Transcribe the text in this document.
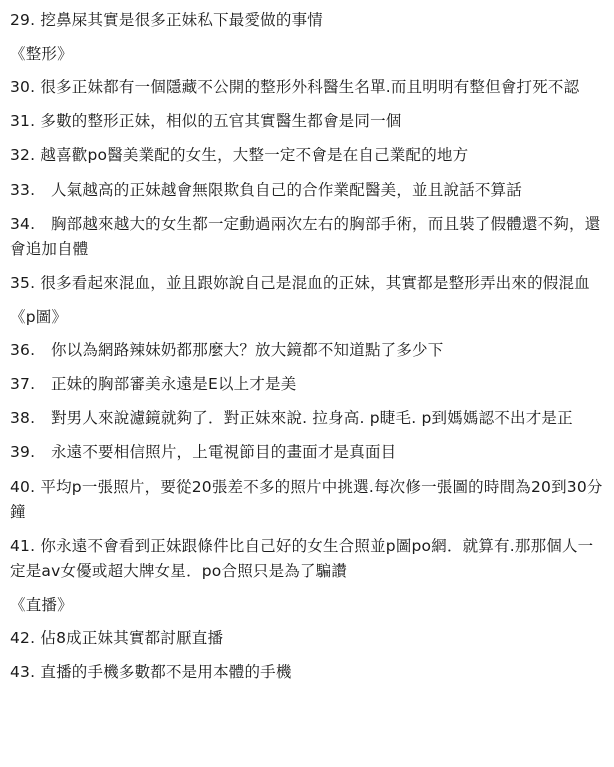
29. 挖鼻屎其實是很多正妹私下最愛做的事情

《整形》

30. 很多正妹都有一個隱藏不公開的整形外科醫生名單.而且明明有整但會打死不認

31. 多數的整形正妹，相似的五官其實醫生都會是同一個

32. 越喜歡po醫美業配的女生，大整一定不會是在自己業配的地方

33.　人氣越高的正妹越會無限欺負自己的合作業配醫美，並且說話不算話

34.　胸部越來越大的女生都一定動過兩次左右的胸部手術，而且裝了假體還不夠，還會追加自體

35. 很多看起來混血，並且跟妳說自己是混血的正妹，其實都是整形弄出來的假混血

《p圖》

36.　你以為網路辣妹奶都那麼大？放大鏡都不知道點了多少下

37.　正妹的胸部審美永遠是E以上才是美

38.　對男人來說濾鏡就夠了．對正妹來說. 拉身高. p睫毛. p到媽媽認不出才是正

39.　永遠不要相信照片，上電視節目的畫面才是真面目

40. 平均p一張照片，要從20張差不多的照片中挑選.每次修一張圖的時間為20到30分鐘

41. 你永遠不會看到正妹跟條件比自己好的女生合照並p圖po網．就算有.那那個人一定是av女優或超大牌女星．po合照只是為了騙讚

《直播》

42. 佔8成正妹其實都討厭直播

43. 直播的手機多數都不是用本體的手機
